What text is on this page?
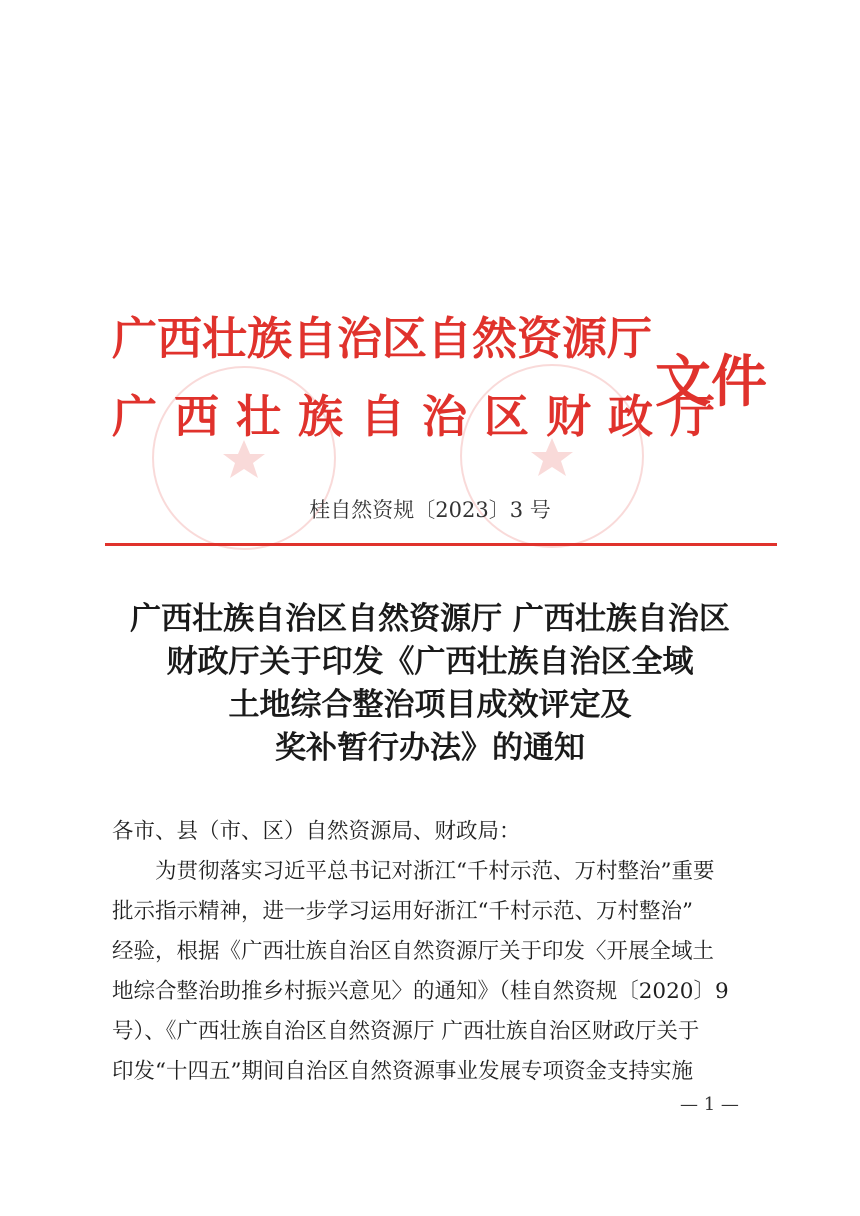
广西壮族自治区自然资源厅
广西壮族自治区财政厅
文件
桂自然资规〔2023〕3 号
广西壮族自治区自然资源厅 广西壮族自治区
财政厅关于印发《广西壮族自治区全域
土地综合整治项目成效评定及
奖补暂行办法》的通知
各市、县（市、区）自然资源局、财政局：
为贯彻落实习近平总书记对浙江“千村示范、万村整治”重要
批示指示精神，进一步学习运用好浙江“千村示范、万村整治”
经验，根据《广西壮族自治区自然资源厅关于印发〈开展全域土
地综合整治助推乡村振兴意见〉的通知》（桂自然资规〔2020〕9
号）、《广西壮族自治区自然资源厅 广西壮族自治区财政厅关于
印发“十四五”期间自治区自然资源事业发展专项资金支持实施
— 1 —
